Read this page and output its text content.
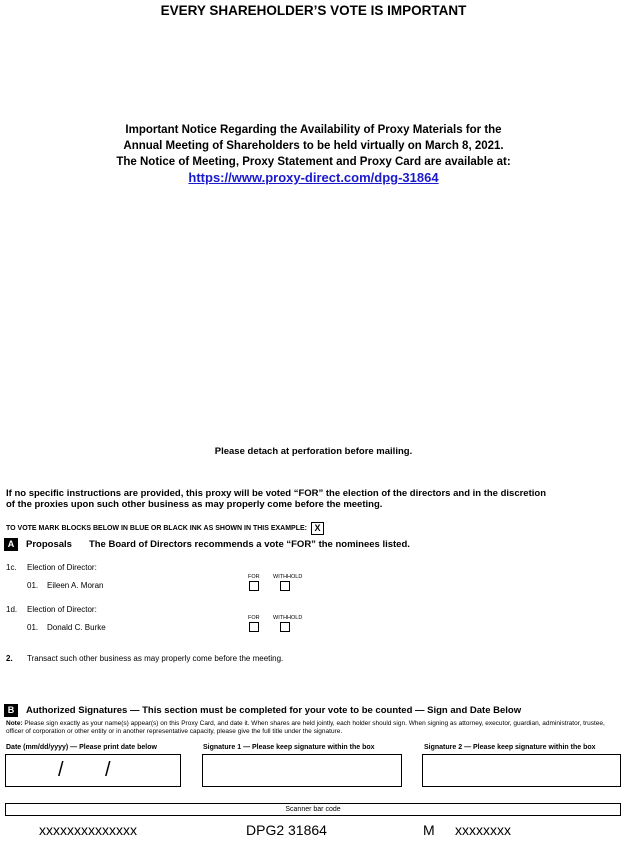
EVERY SHAREHOLDER’S VOTE IS IMPORTANT
Important Notice Regarding the Availability of Proxy Materials for the
Annual Meeting of Shareholders to be held virtually on March 8, 2021.
The Notice of Meeting, Proxy Statement and Proxy Card are available at:
https://www.proxy-direct.com/dpg-31864
Please detach at perforation before mailing.
If no specific instructions are provided, this proxy will be voted “FOR” the election of the directors and in the discretion
of the proxies upon such other business as may properly come before the meeting.
TO VOTE MARK BLOCKS BELOW IN BLUE OR BLACK INK AS SHOWN IN THIS EXAMPLE: X
A	Proposals The Board of Directors recommends a vote “FOR” the nominees listed.
1c. Election of Director:
01. Eileen A. Moran
FOR WITHHOLD
1d. Election of Director:
01. Donald C. Burke
FOR WITHHOLD
2. Transact such other business as may properly come before the meeting.
B	Authorized Signatures — This section must be completed for your vote to be counted — Sign and Date Below
Note: Please sign exactly as your name(s) appear(s) on this Proxy Card, and date it. When shares are held jointly, each holder should sign. When signing as attorney, executor, guardian, administrator, trustee, officer of corporation or other entity or in another representative capacity, please give the full title under the signature.
Date (mm/dd/yyyy) — Please print date below	Signature 1 — Please keep signature within the box	Signature 2 — Please keep signature within the box
/ /
Scanner bar code
xxxxxxxxxxxxxx	DPG2 31864	M xxxxxxxx
